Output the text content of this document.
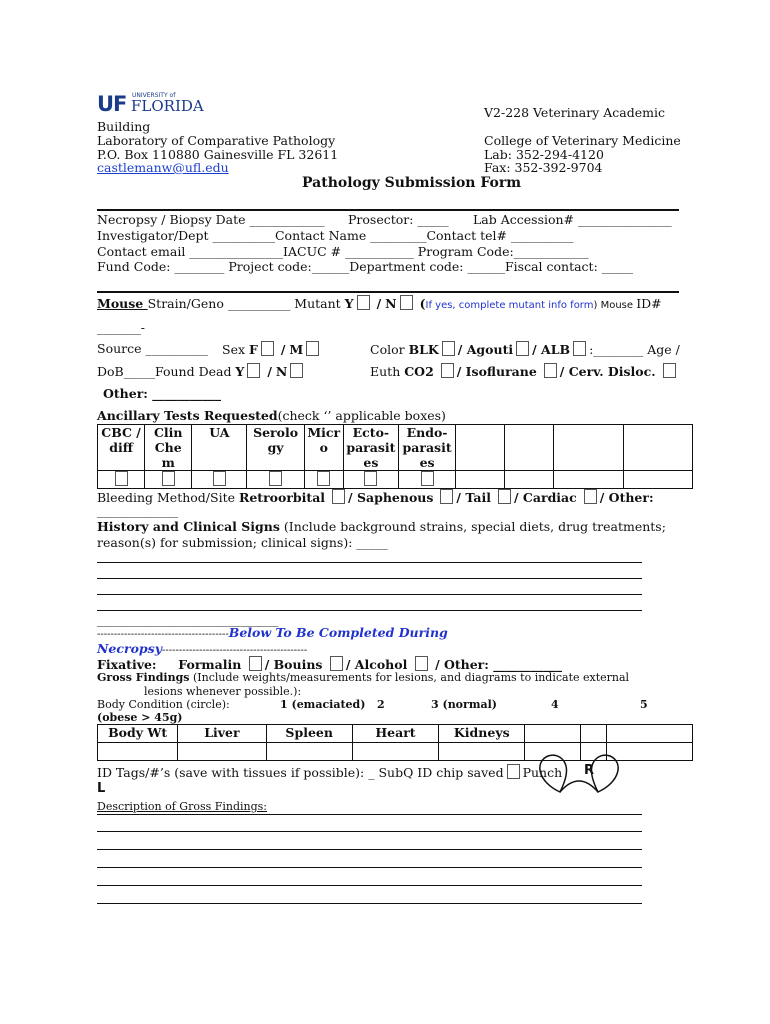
UF UNIVERSITY of
FLORIDA	V2-228 Veterinary Academic
Building
Laboratory of Comparative Pathology
P.O. Box 110880 Gainesville FL 32611
castlemanw@ufl.edu
College of Veterinary Medicine
Lab: 352-294-4120
Fax: 352-392-9704
Pathology Submission Form
Necropsy / Biopsy Date ____________ Prosector: _____ Lab Accession# _______________
Investigator/Dept __________Contact Name _________Contact tel# __________
Contact email _______________IACUC # ___________ Program Code:____________
Fund Code: ________ Project code:______Department code: ______Fiscal contact: _____
Mouse Strain/Geno __________ Mutant Y / N (If yes, complete mutant info form) Mouse ID#
_______-
Source __________ Sex F / M	Color BLK / Agouti / ALB :________ Age /
DoB_____Found Dead Y / N	Euth CO2 / Isoflurane / Cerv. Disloc.
Other: ___________
Ancillary Tests Requested(check ‘’ applicable boxes)
CBC / diff	Clin Che m	UA	Serolo gy	Micr o	Ecto- parasit es	Endo- parasit es				

Bleeding Method/Site Retroorbital / Saphenous / Tail / Cardiac / Other:
_____________
History and Clinical Signs (Include background strains, special diets, drug treatments;
reason(s) for submission; clinical signs): _____
_____________________________
---------------------------------------Below To Be Completed During
Necropsy-------------------------------------------
Fixative: Formalin / Bouins / Alcohol / Other: ___________
Gross Findings (Include weights/measurements for lesions, and diagrams to indicate external
lesions whenever possible.):
Body Condition (circle):	1 (emaciated) 2	3 (normal)	4	5
(obese > 45g)
Body Wt	Liver	Spleen	Heart	Kidneys			

ID Tags/#’s (save with tissues if possible): _ SubQ ID chip saved Punch R
L
Description of Gross Findings:
